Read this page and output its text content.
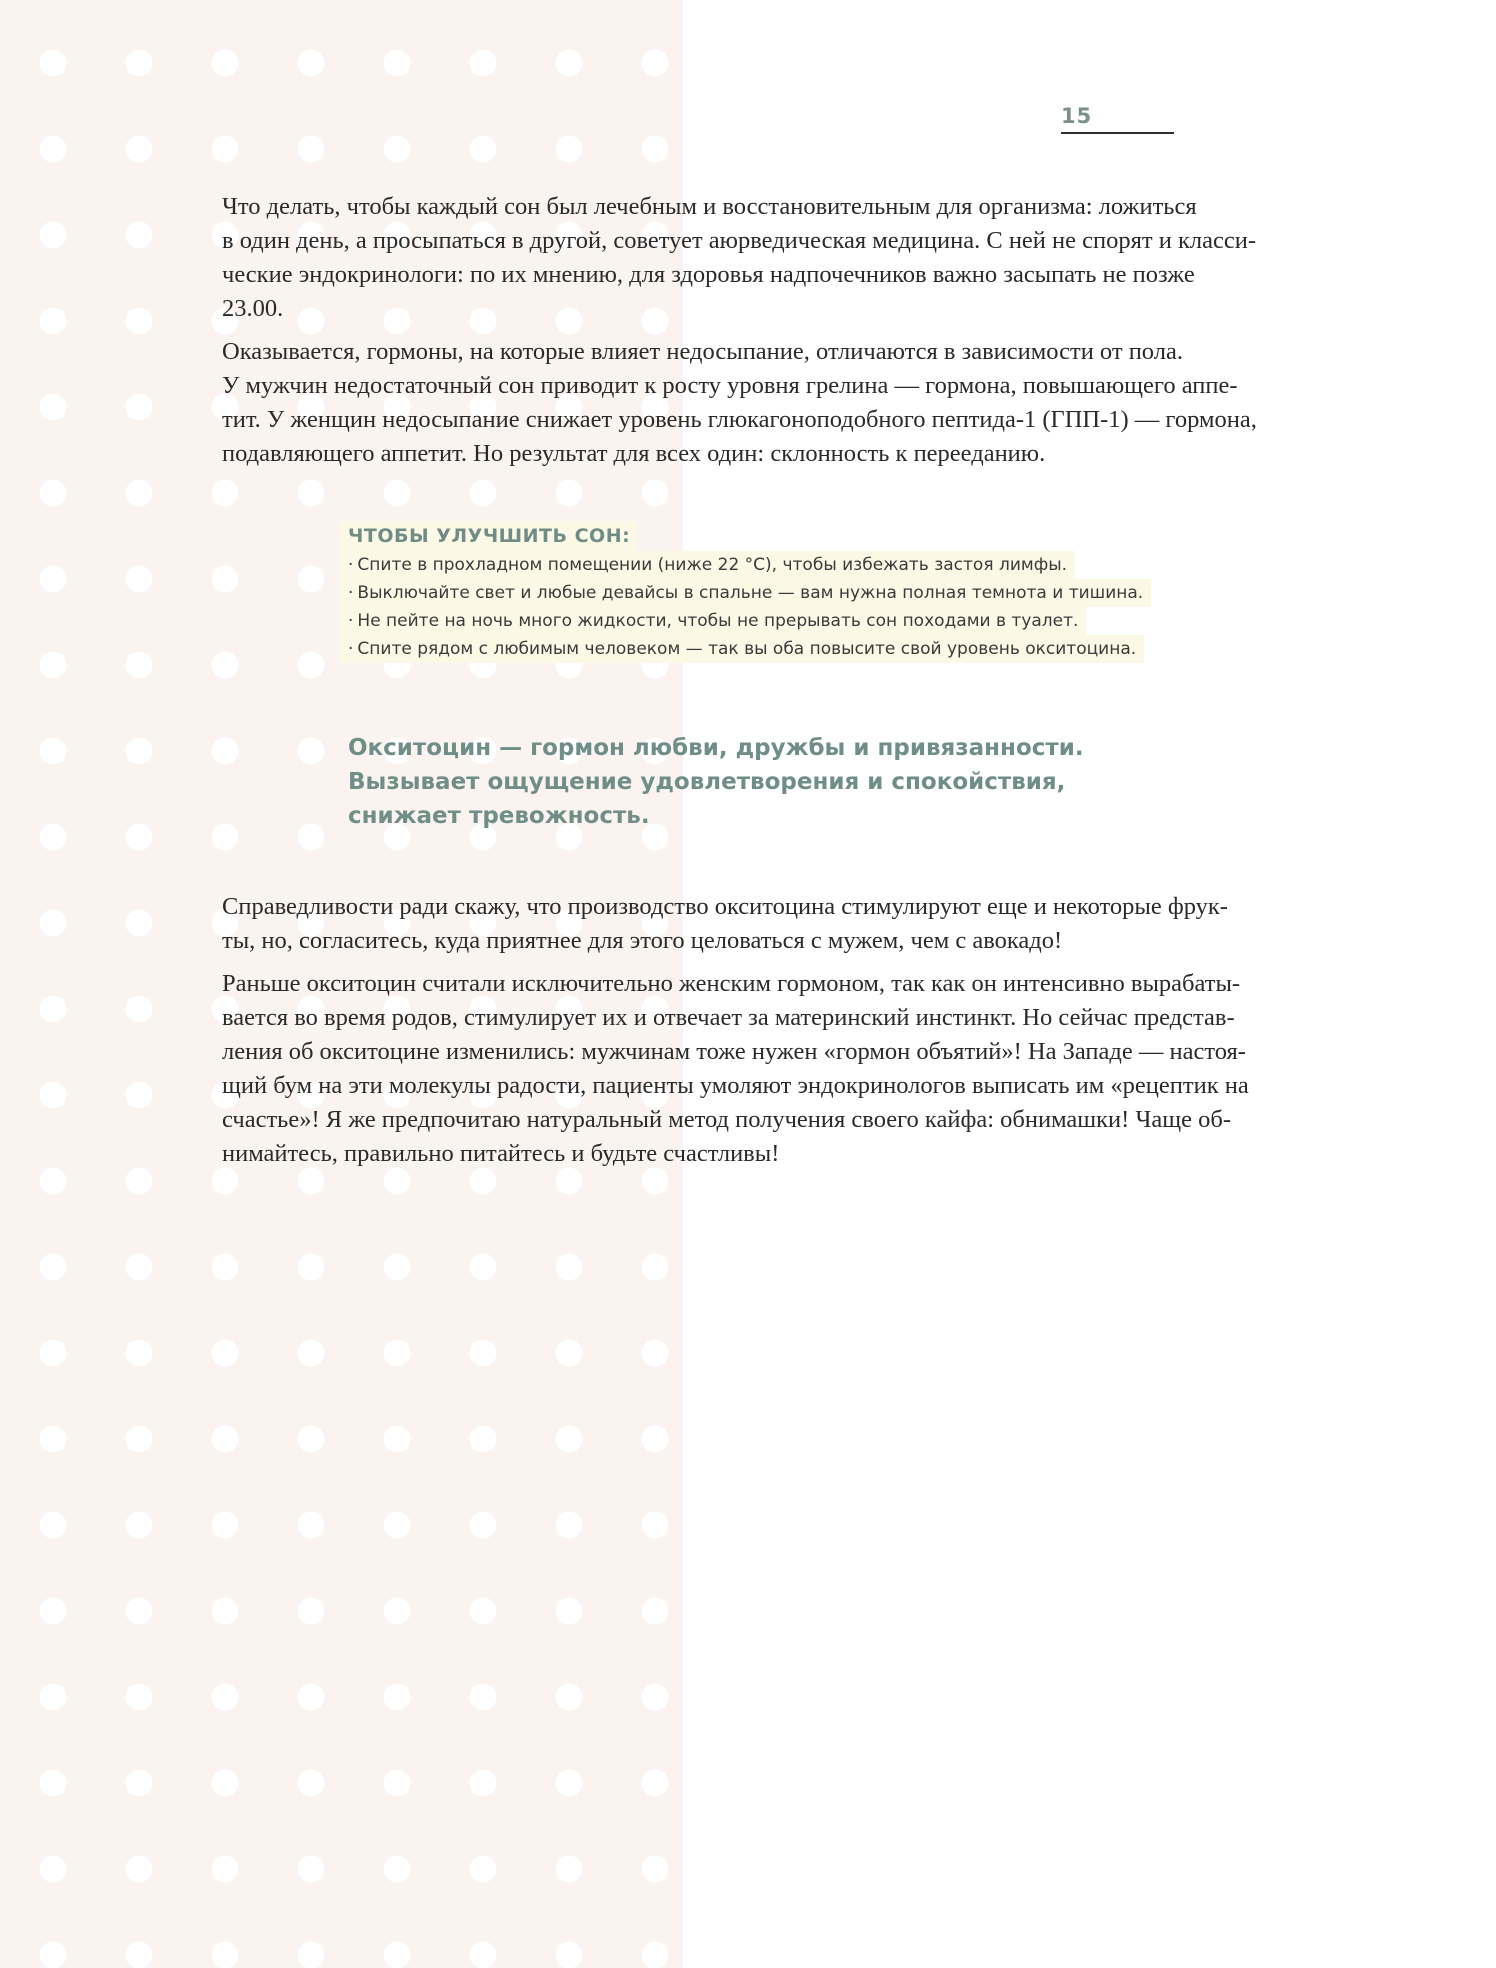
15

Что делать, чтобы каждый сон был лечебным и восстановительным для организма: ложиться
в один день, а просыпаться в другой, советует аюрведическая медицина. С ней не спорят и класси-
ческие эндокринологи: по их мнению, для здоровья надпочечников важно засыпать не позже
23.00.

Оказывается, гормоны, на которые влияет недосыпание, отличаются в зависимости от пола.
У мужчин недостаточный сон приводит к росту уровня грелина — гормона, повышающего аппе-
тит. У женщин недосыпание снижает уровень глюкагоноподобного пептида-1 (ГПП-1) — гормона,
подавляющего аппетит. Но результат для всех один: склонность к перееданию.

ЧТОБЫ УЛУЧШИТЬ СОН:
· Спите в прохладном помещении (ниже 22 °С), чтобы избежать застоя лимфы.
· Выключайте свет и любые девайсы в спальне — вам нужна полная темнота и тишина.
· Не пейте на ночь много жидкости, чтобы не прерывать сон походами в туалет.
· Спите рядом с любимым человеком — так вы оба повысите свой уровень окситоцина.
Окситоцин — гормон любви, дружбы и привязанности.
Вызывает ощущение удовлетворения и спокойствия,
снижает тревожность.

Справедливости ради скажу, что производство окситоцина стимулируют еще и некоторые фрук-
ты, но, согласитесь, куда приятнее для этого целоваться с мужем, чем с авокадо!

Раньше окситоцин считали исключительно женским гормоном, так как он интенсивно вырабаты-
вается во время родов, стимулирует их и отвечает за материнский инстинкт. Но сейчас представ-
ления об окситоцине изменились: мужчинам тоже нужен «гормон объятий»! На Западе — настоя-
щий бум на эти молекулы радости, пациенты умоляют эндокринологов выписать им «рецептик на
счастье»! Я же предпочитаю натуральный метод получения своего кайфа: обнимашки! Чаще об-
нимайтесь, правильно питайтесь и будьте счастливы!
